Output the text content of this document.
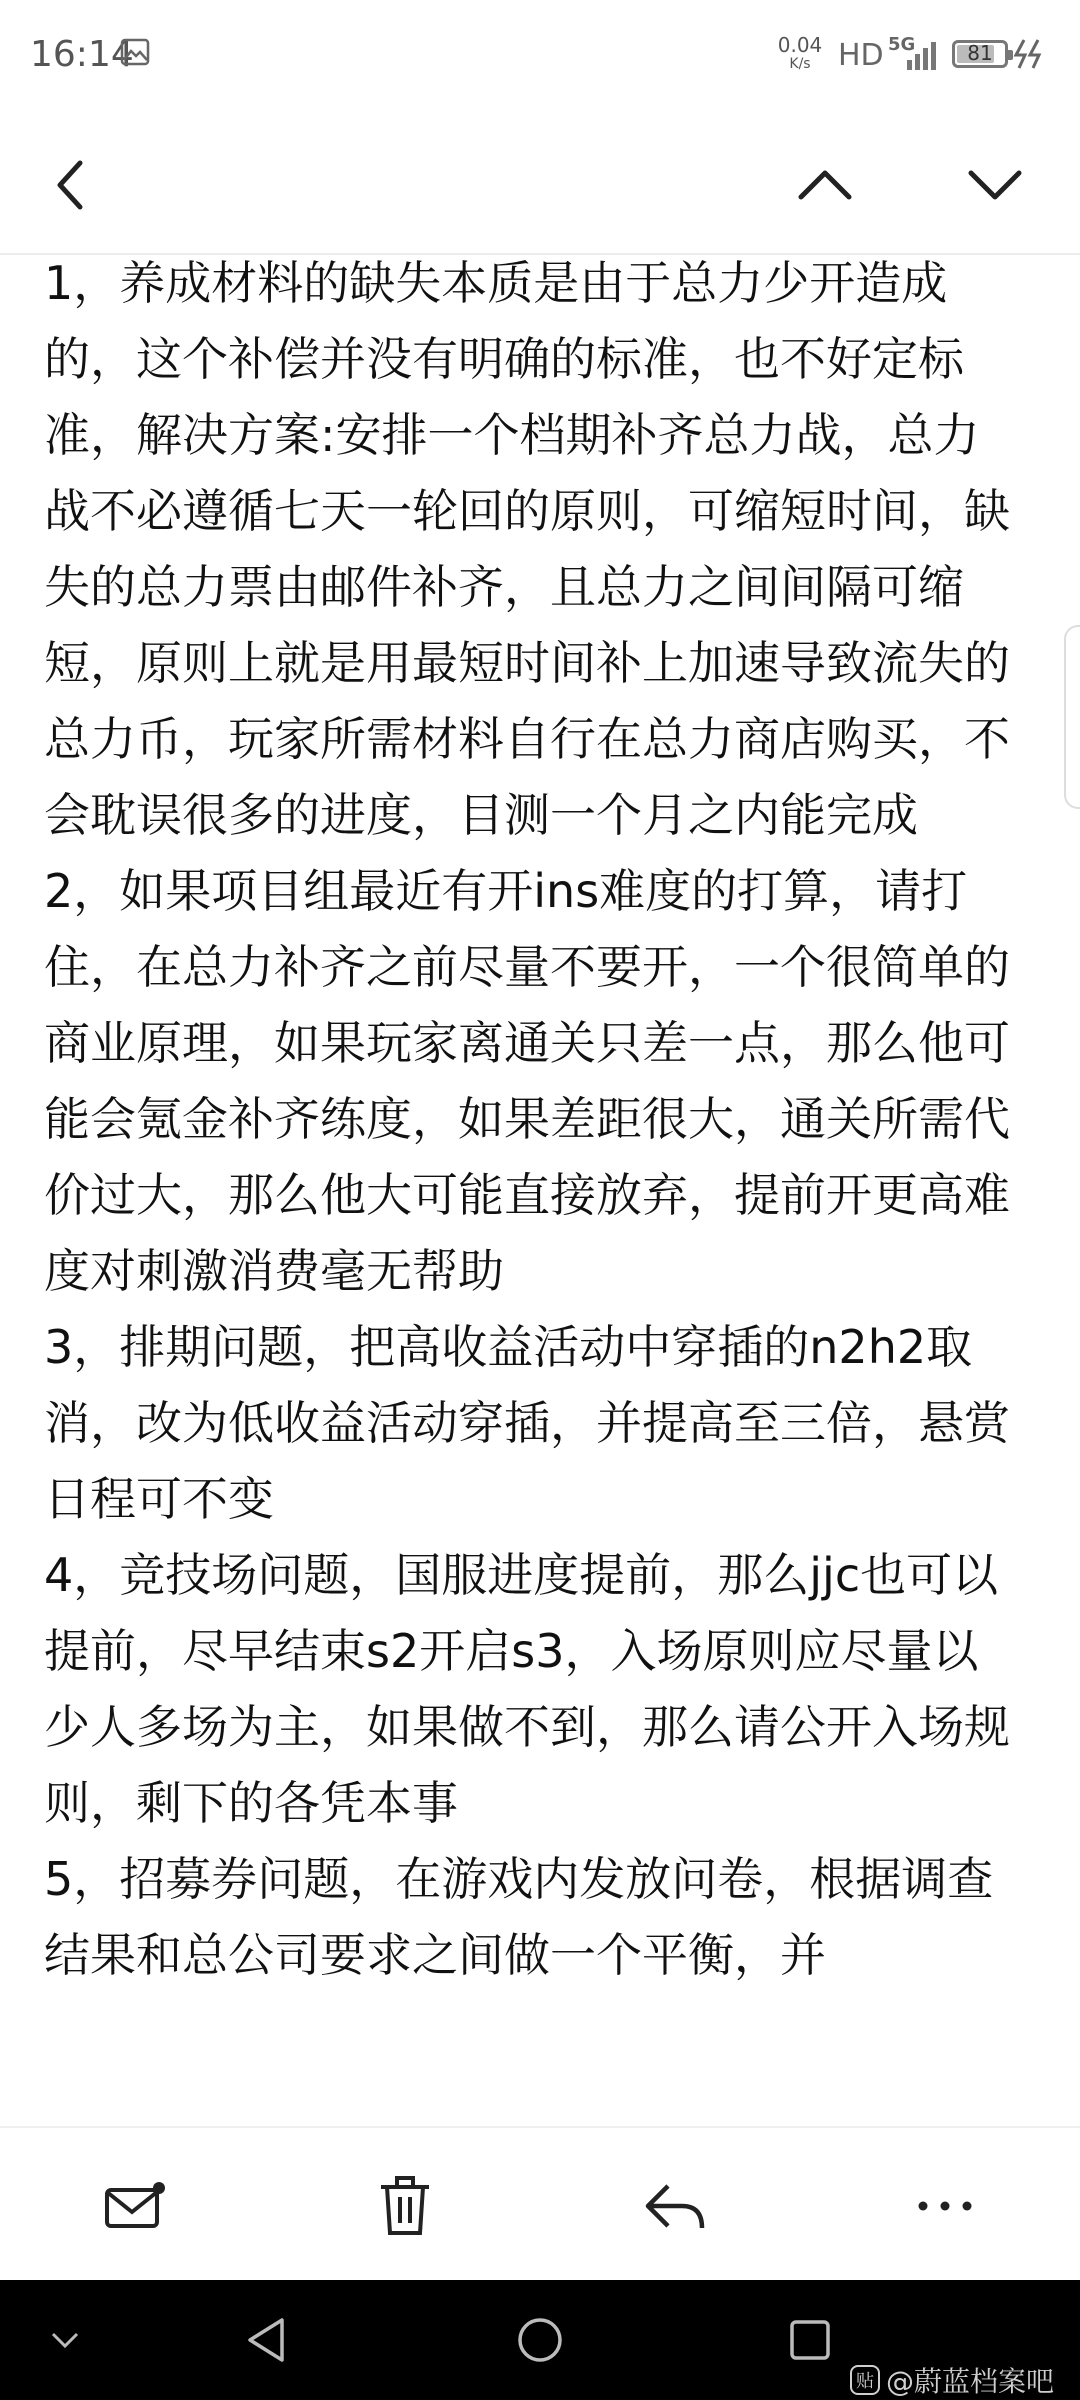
16:14	0.04
K/s HD 5G	81

1，养成材料的缺失本质是由于总力少开造成的，这个补偿并没有明确的标准，也不好定标准，解决方案:安排一个档期补齐总力战，总力战不必遵循七天一轮回的原则，可缩短时间，缺失的总力票由邮件补齐，且总力之间间隔可缩短，原则上就是用最短时间补上加速导致流失的总力币，玩家所需材料自行在总力商店购买，不会耽误很多的进度，目测一个月之内能完成

2，如果项目组最近有开ins难度的打算，请打住，在总力补齐之前尽量不要开，一个很简单的商业原理，如果玩家离通关只差一点，那么他可能会氪金补齐练度，如果差距很大，通关所需代价过大，那么他大可能直接放弃，提前开更高难度对刺激消费毫无帮助

3，排期问题，把高收益活动中穿插的n2h2取消，改为低收益活动穿插，并提高至三倍，悬赏日程可不变

4，竞技场问题，国服进度提前，那么jjc也可以提前，尽早结束s2开启s3，入场原则应尽量以少人多场为主，如果做不到，那么请公开入场规则，剩下的各凭本事

5，招募券问题，在游戏内发放问卷，根据调查结果和总公司要求之间做一个平衡，并

贴 @蔚蓝档案吧
